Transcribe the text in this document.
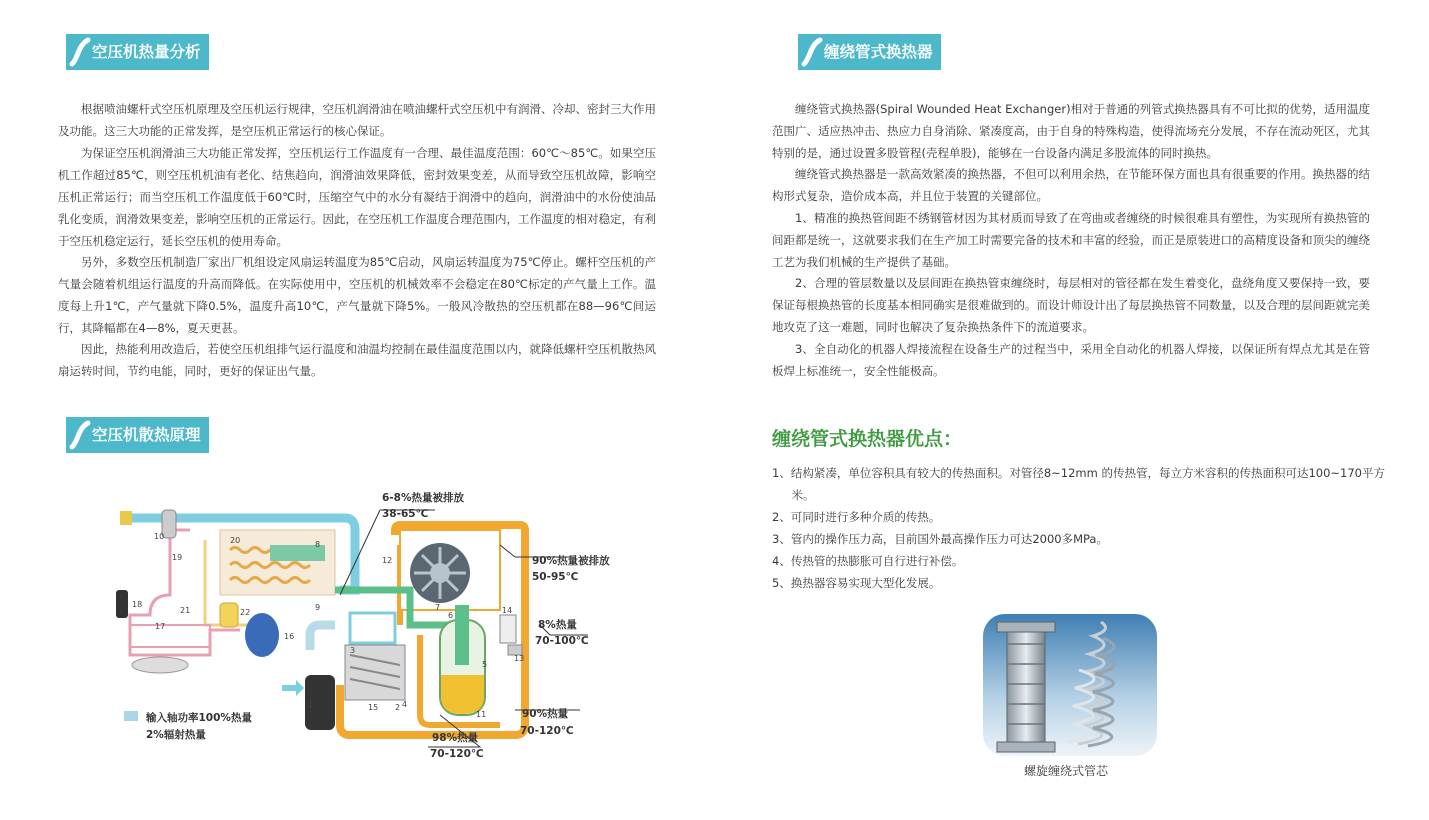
空压机热量分析

根据喷油螺杆式空压机原理及空压机运行规律，空压机润滑油在喷油螺杆式空压机中有润滑、冷却、密封三大作用及功能。这三大功能的正常发挥，是空压机正常运行的核心保证。

为保证空压机润滑油三大功能正常发挥，空压机运行工作温度有一合理、最佳温度范围：60℃～85℃。如果空压机工作超过85℃，则空压机机油有老化、结焦趋向，润滑油效果降低，密封效果变差，从而导致空压机故障，影响空压机正常运行；而当空压机工作温度低于60℃时，压缩空气中的水分有凝结于润滑中的趋向，润滑油中的水份使油品乳化变质，润滑效果变差，影响空压机的正常运行。因此，在空压机工作温度合理范围内，工作温度的相对稳定，有利于空压机稳定运行，延长空压机的使用寿命。

另外，多数空压机制造厂家出厂机组设定风扇运转温度为85℃启动，风扇运转温度为75℃停止。螺杆空压机的产气量会随着机组运行温度的升高而降低。在实际使用中，空压机的机械效率不会稳定在80℃标定的产气量上工作。温度每上升1℃，产气量就下降0.5%，温度升高10℃，产气量就下降5%。一般风冷散热的空压机都在88—96℃间运行，其降幅都在4—8%，夏天更甚。

因此，热能利用改造后，若使空压机组排气运行温度和油温均控制在最佳温度范围以内，就降低螺杆空压机散热风扇运转时间，节约电能，同时，更好的保证出气量。

空压机散热原理
1	2
3
4
5
6
7
8
9
10
11
12
13
14
15
16
17
18
19
20
21	22
6-8%热量被排放
38-65℃
90%热量被排放
50-95℃
8%热量
70-100℃
90%热量
70-120℃
98%热量
70-120℃
输入轴功率100%热量
2%辐射热量
缠绕管式换热器

缠绕管式换热器(Spiral Wounded Heat Exchanger)相对于普通的列管式换热器具有不可比拟的优势，适用温度范围广、适应热冲击、热应力自身消除、紧凑度高，由于自身的特殊构造，使得流场充分发展，不存在流动死区，尤其特别的是，通过设置多股管程(壳程单股)，能够在一台设备内满足多股流体的同时换热。

缠绕管式换热器是一款高效紧凑的换热器，不但可以利用余热，在节能环保方面也具有很重要的作用。换热器的结构形式复杂，造价成本高，并且位于装置的关键部位。

1、精准的换热管间距不绣钢管材因为其材质而导致了在弯曲或者缠绕的时候很难具有塑性，为实现所有换热管的间距都是统一，这就要求我们在生产加工时需要完备的技术和丰富的经验，而正是原装进口的高精度设备和顶尖的缠绕工艺为我们机械的生产提供了基础。

2、合理的管层数量以及层间距在换热管束缠绕时，每层相对的管径都在发生着变化，盘绕角度又要保持一致，要保证每根换热管的长度基本相同确实是很难做到的。而设计师设计出了每层换热管不同数量，以及合理的层间距就完美地攻克了这一难题，同时也解决了复杂换热条件下的流道要求。

3、全自动化的机器人焊接流程在设备生产的过程当中，采用全自动化的机器人焊接，以保证所有焊点尤其是在管板焊上标准统一，安全性能极高。

缠绕管式换热器优点：

1、结构紧凑，单位容积具有较大的传热面积。对管径8~12mm 的传热管，每立方米容积的传热面积可达100~170平方米。

2、可同时进行多种介质的传热。

3、管内的操作压力高，目前国外最高操作压力可达2000多MPa。

4、传热管的热膨胀可自行进行补偿。

5、换热器容易实现大型化发展。

螺旋缠绕式管芯
